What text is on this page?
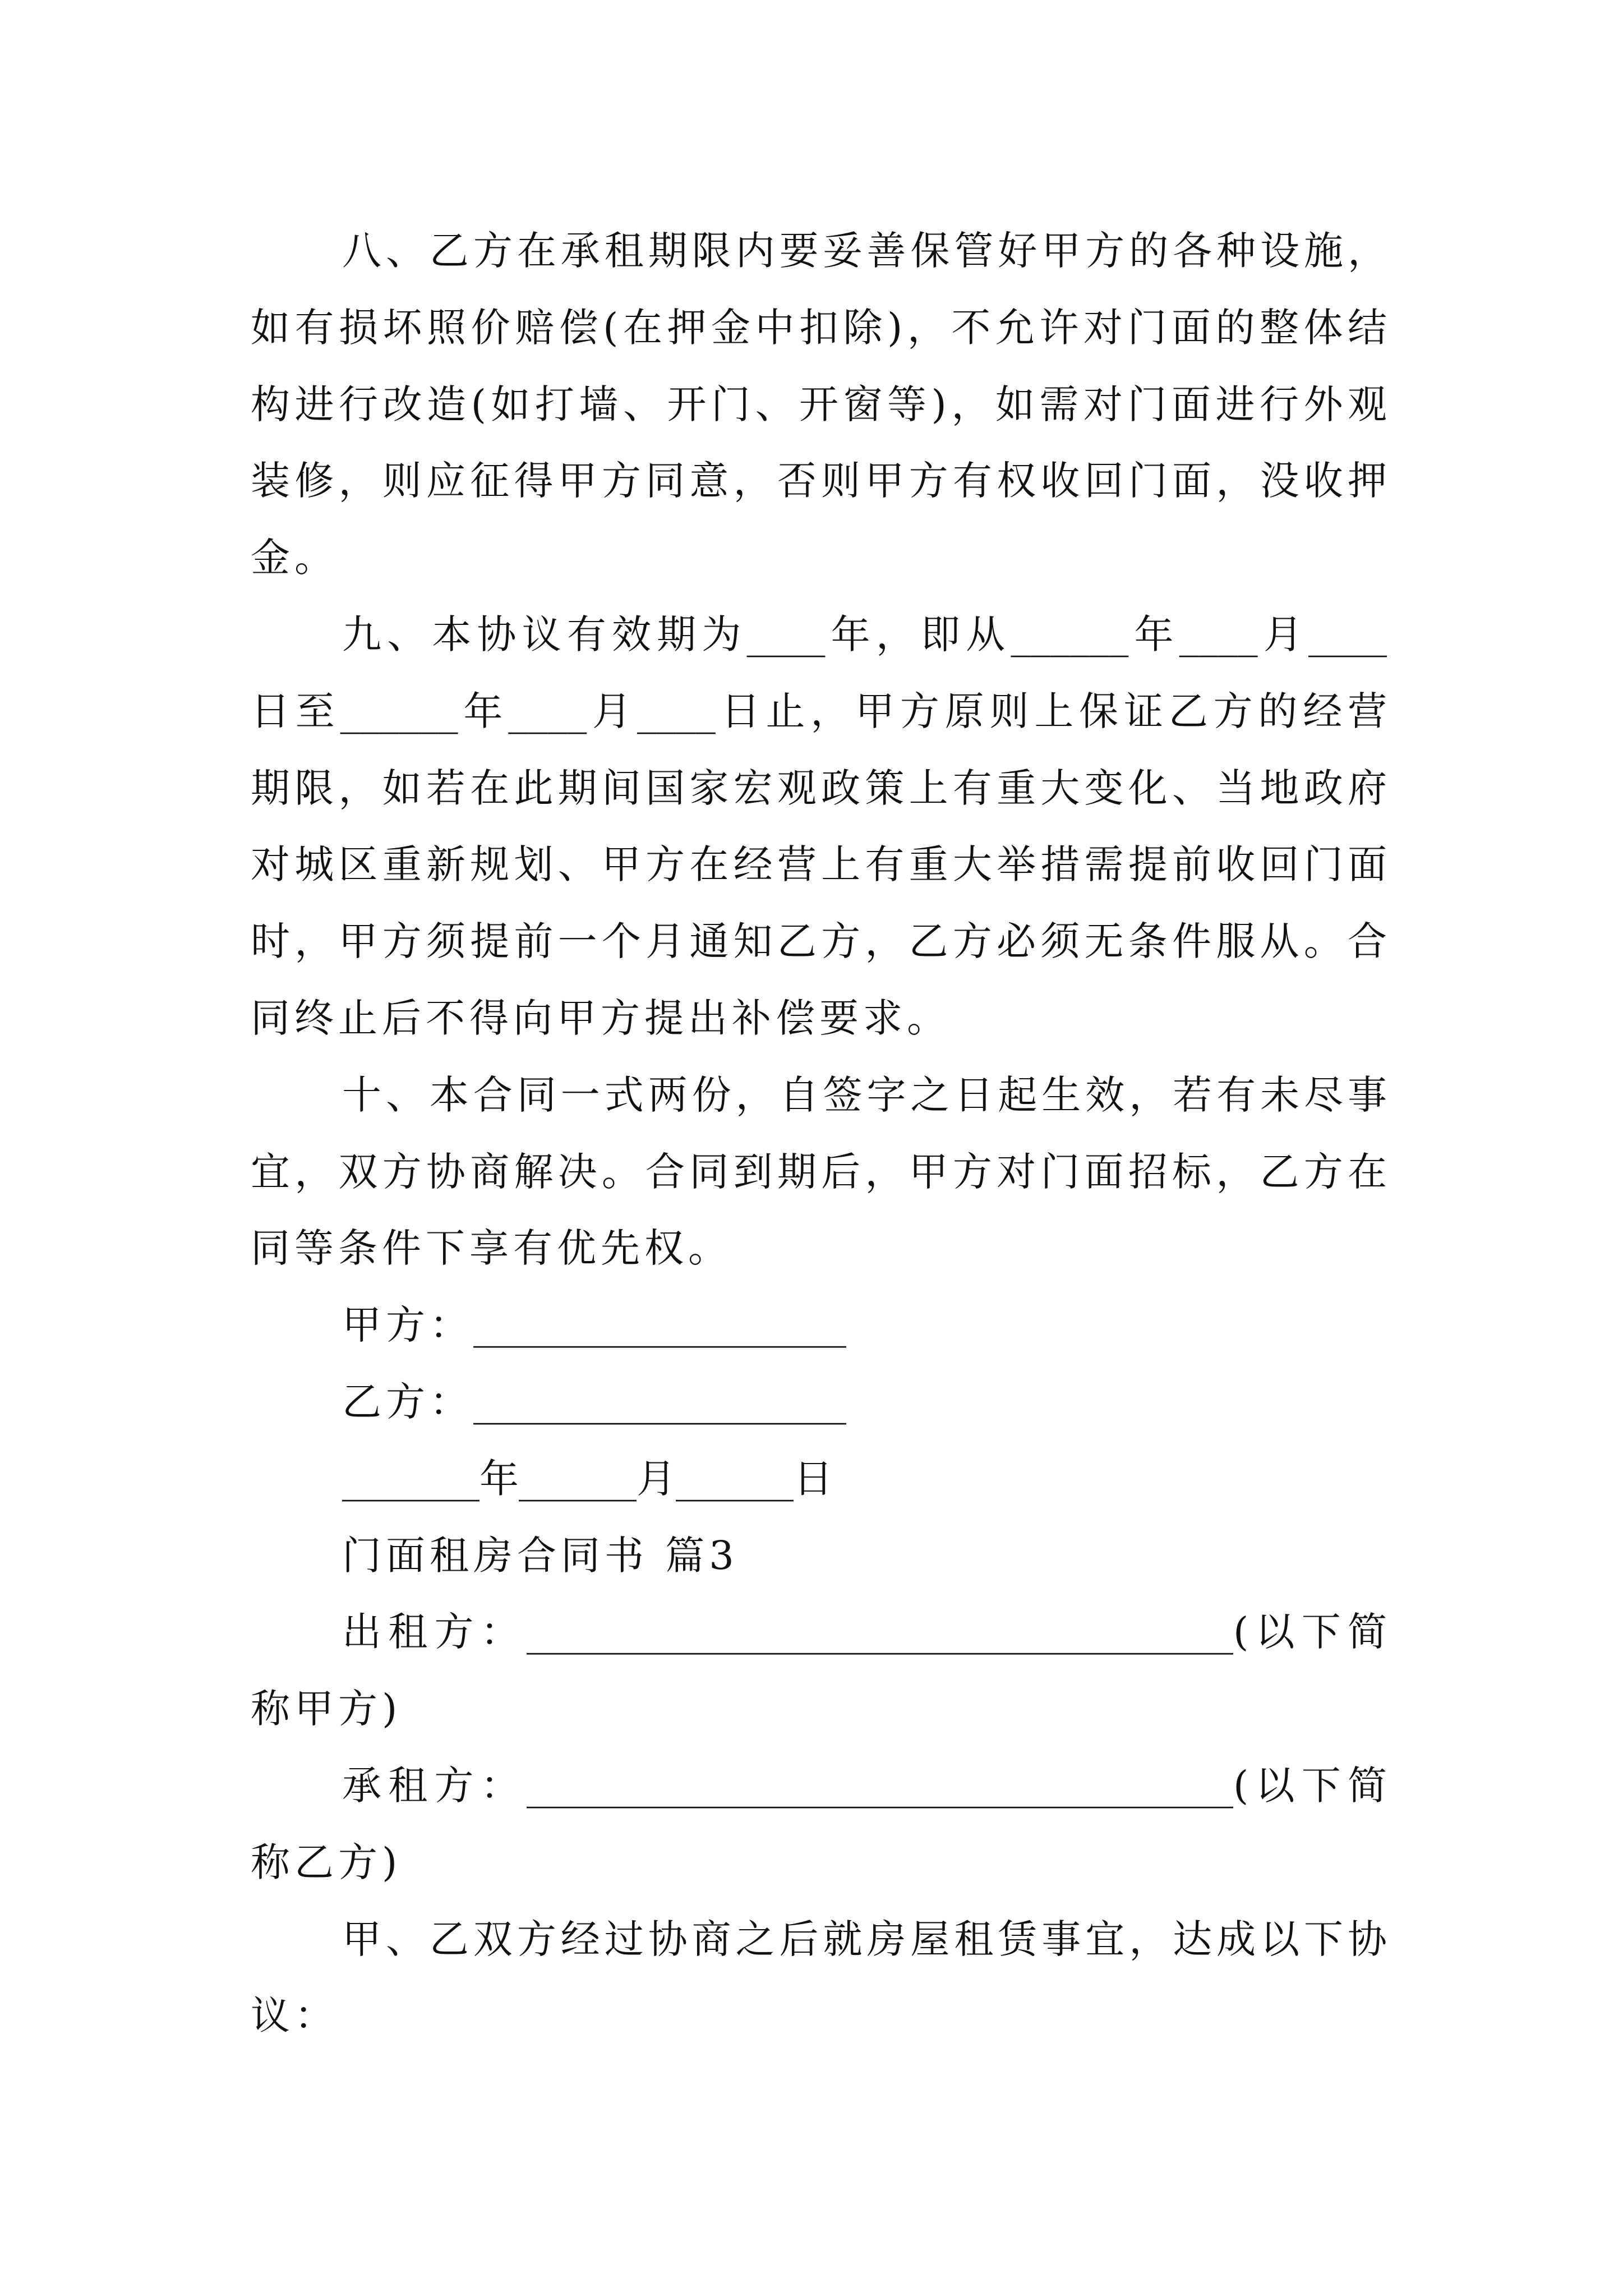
八、乙方在承租期限内要妥善保管好甲方的各种设施，
如有损坏照价赔偿(在押金中扣除)，不允许对门面的整体结
构进行改造(如打墙、开门、开窗等)，如需对门面进行外观
装修，则应征得甲方同意，否则甲方有权收回门面，没收押
金。
九、本协议有效期为____年，即从______年____月____
日至______年____月____日止，甲方原则上保证乙方的经营
期限，如若在此期间国家宏观政策上有重大变化、当地政府
对城区重新规划、甲方在经营上有重大举措需提前收回门面
时，甲方须提前一个月通知乙方，乙方必须无条件服从。合
同终止后不得向甲方提出补偿要求。
十、本合同一式两份，自签字之日起生效，若有未尽事
宜，双方协商解决。合同到期后，甲方对门面招标，乙方在
同等条件下享有优先权。
甲方：___________________
乙方：___________________
_______年______月______日
门面租房合同书 篇3
出租方：____________________________________(以下简
称甲方)
承租方：____________________________________(以下简
称乙方)
甲、乙双方经过协商之后就房屋租赁事宜，达成以下协
议：
